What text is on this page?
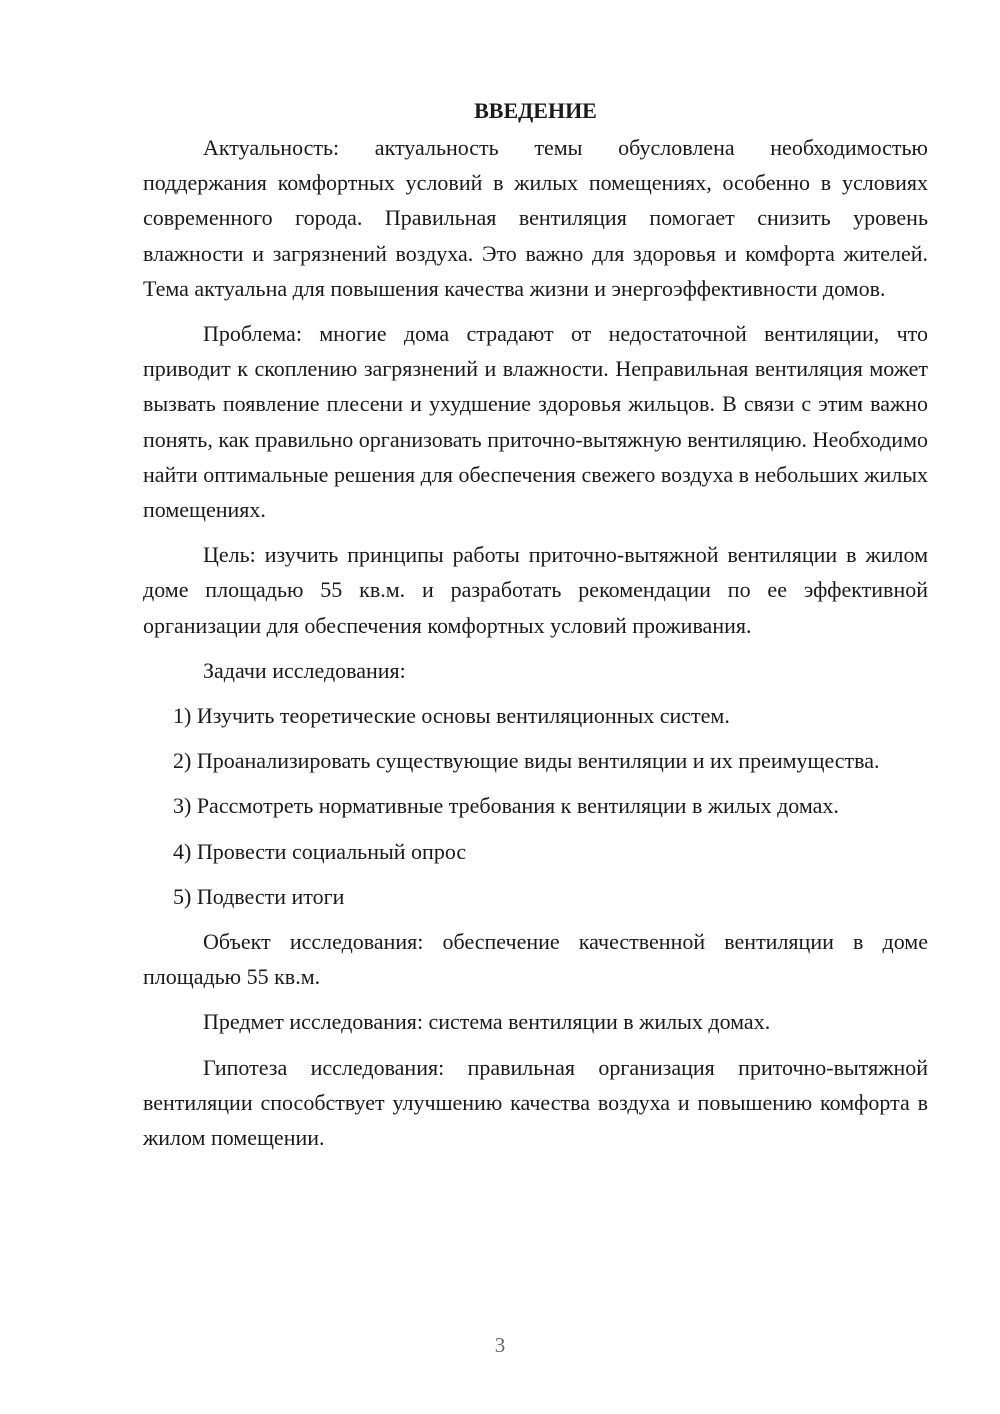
ВВЕДЕНИЕ

Актуальность: актуальность темы обусловлена необходимостью поддержания комфортных условий в жилых помещениях, особенно в условиях современного города. Правильная вентиляция помогает снизить уровень влажности и загрязнений воздуха. Это важно для здоровья и комфорта жителей. Тема актуальна для повышения качества жизни и энергоэффективности домов.

Проблема: многие дома страдают от недостаточной вентиляции, что приводит к скоплению загрязнений и влажности. Неправильная вентиляция может вызвать появление плесени и ухудшение здоровья жильцов. В связи с этим важно понять, как правильно организовать приточно-вытяжную вентиляцию. Необходимо найти оптимальные решения для обеспечения свежего воздуха в небольших жилых помещениях.

Цель: изучить принципы работы приточно-вытяжной вентиляции в жилом доме площадью 55 кв.м. и разработать рекомендации по ее эффективной организации для обеспечения комфортных условий проживания.

Задачи исследования:

1) Изучить теоретические основы вентиляционных систем.

2) Проанализировать существующие виды вентиляции и их преимущества.

3) Рассмотреть нормативные требования к вентиляции в жилых домах.

4) Провести социальный опрос

5) Подвести итоги

Объект исследования: обеспечение качественной вентиляции в доме площадью 55 кв.м.

Предмет исследования: система вентиляции в жилых домах.

Гипотеза исследования: правильная организация приточно-вытяжной вентиляции способствует улучшению качества воздуха и повышению комфорта в жилом помещении.

3
